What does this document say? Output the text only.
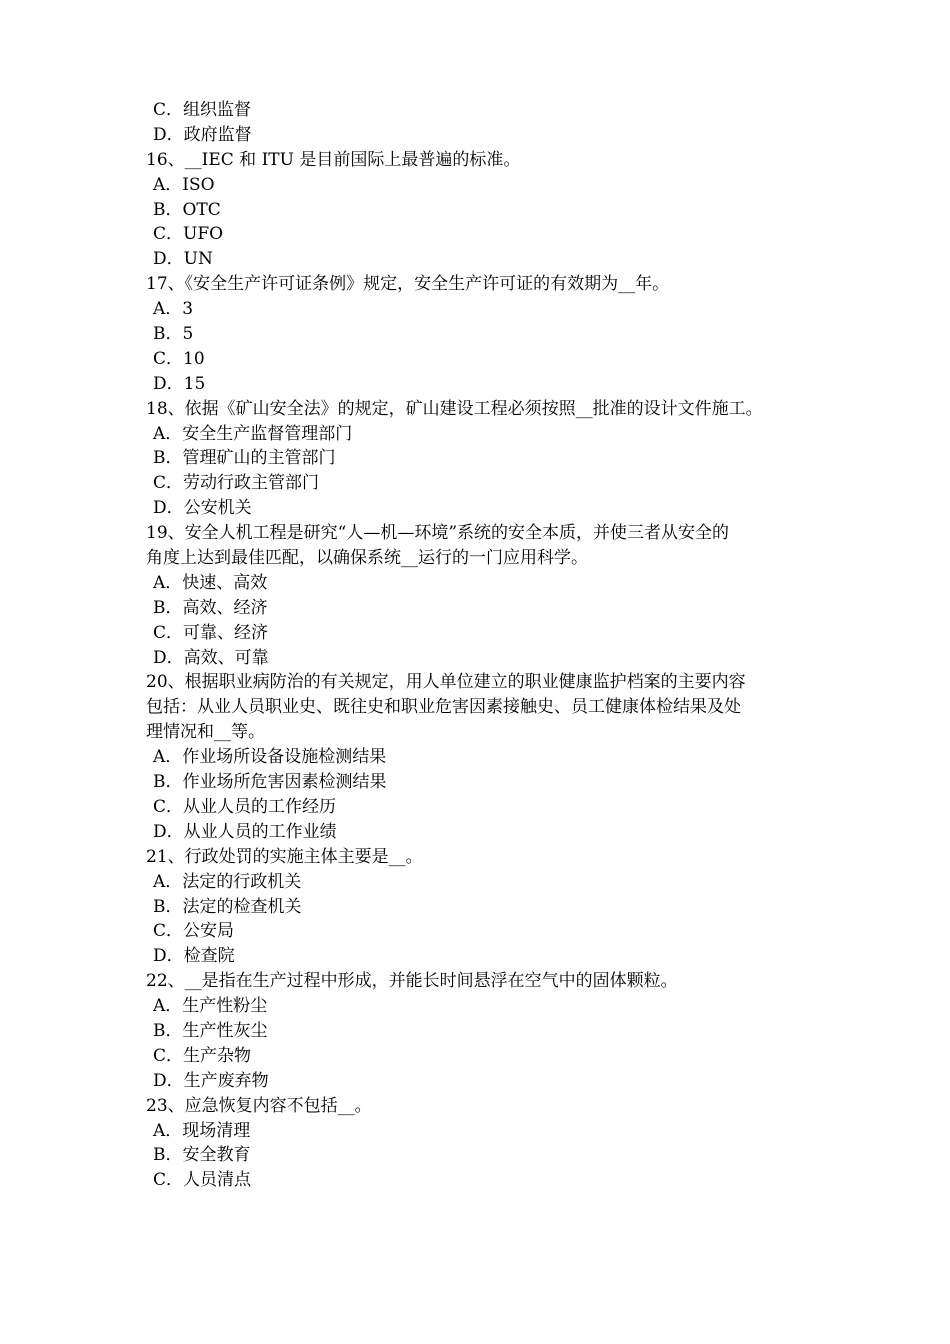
C．组织监督
D．政府监督
16、__IEC 和 ITU 是目前国际上最普遍的标准。
A．ISO
B．OTC
C．UFO
D．UN
17、《安全生产许可证条例》规定，安全生产许可证的有效期为__年。
A．3
B．5
C．10
D．15
18、依据《矿山安全法》的规定，矿山建设工程必须按照__批准的设计文件施工。
A．安全生产监督管理部门
B．管理矿山的主管部门
C．劳动行政主管部门
D．公安机关
19、安全人机工程是研究“人—机—环境”系统的安全本质，并使三者从安全的
角度上达到最佳匹配，以确保系统__运行的一门应用科学。
A．快速、高效
B．高效、经济
C．可靠、经济
D．高效、可靠
20、根据职业病防治的有关规定，用人单位建立的职业健康监护档案的主要内容
包括：从业人员职业史、既往史和职业危害因素接触史、员工健康体检结果及处
理情况和__等。
A．作业场所设备设施检测结果
B．作业场所危害因素检测结果
C．从业人员的工作经历
D．从业人员的工作业绩
21、行政处罚的实施主体主要是__。
A．法定的行政机关
B．法定的检查机关
C．公安局
D．检查院
22、__是指在生产过程中形成，并能长时间悬浮在空气中的固体颗粒。
A．生产性粉尘
B．生产性灰尘
C．生产杂物
D．生产废弃物
23、应急恢复内容不包括__。
A．现场清理
B．安全教育
C．人员清点
